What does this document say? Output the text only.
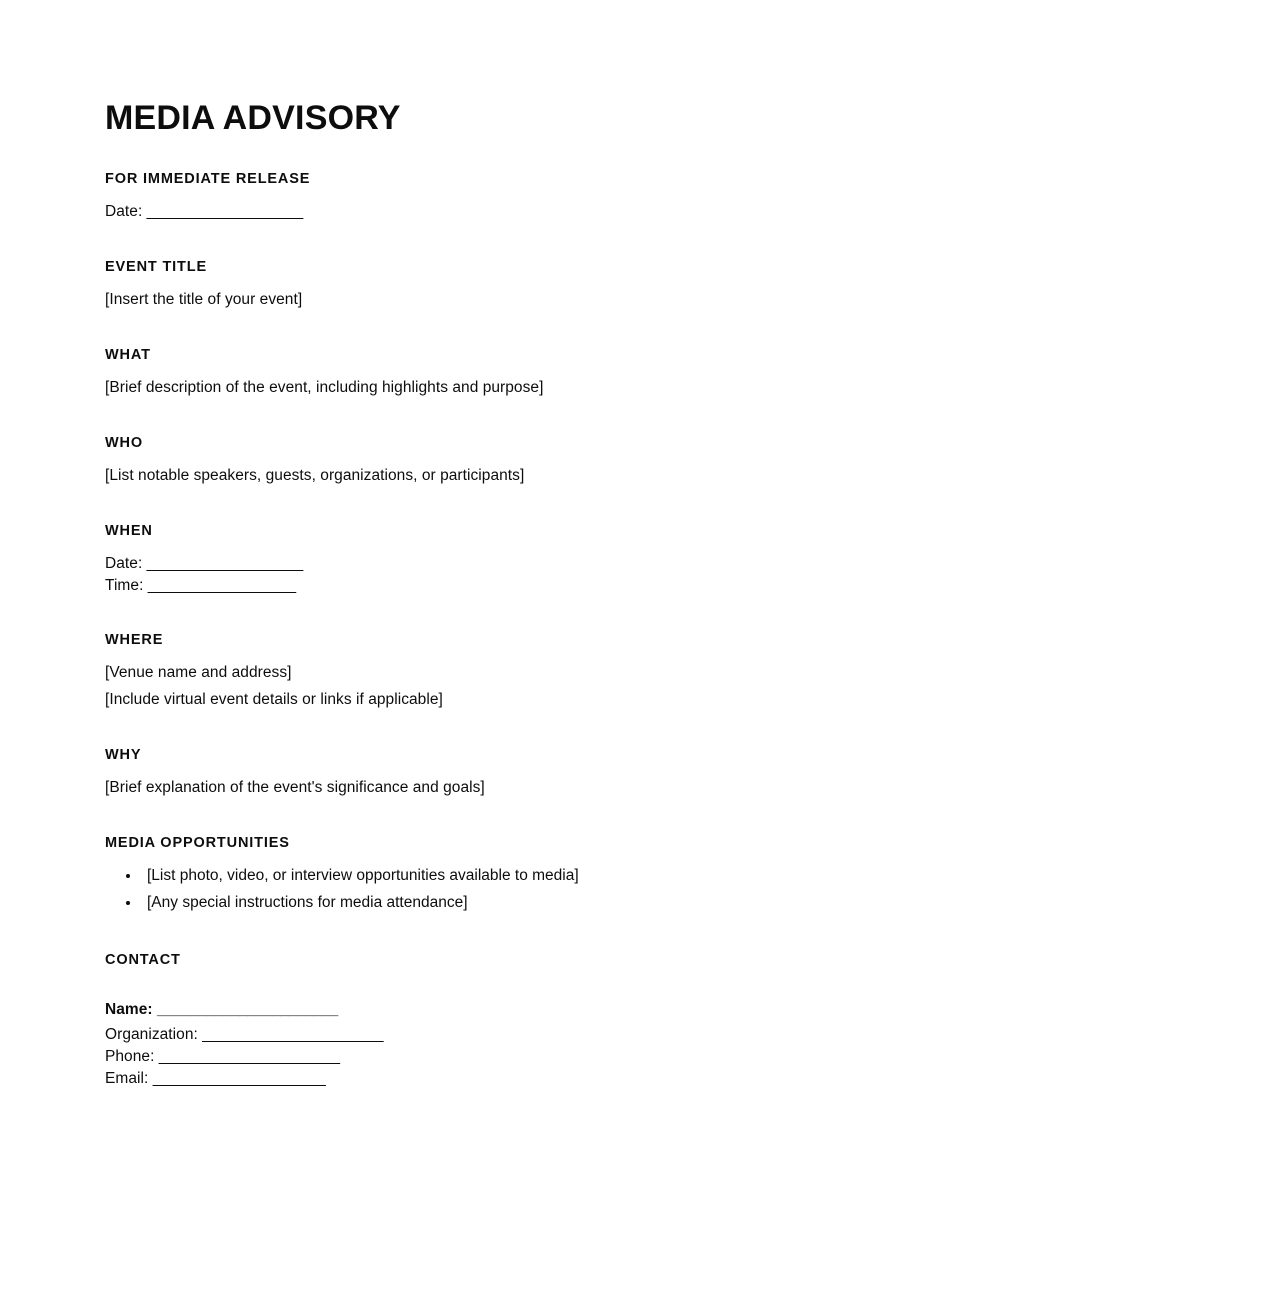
MEDIA ADVISORY
FOR IMMEDIATE RELEASE
Date: ___________________
EVENT TITLE
[Insert the title of your event]
WHAT
[Brief description of the event, including highlights and purpose]
WHO
[List notable speakers, guests, organizations, or participants]
WHEN
Date: ___________________
Time: __________________
WHERE
[Venue name and address]
[Include virtual event details or links if applicable]
WHY
[Brief explanation of the event's significance and goals]
MEDIA OPPORTUNITIES
• [List photo, video, or interview opportunities available to media]
• [Any special instructions for media attendance]
CONTACT
Name: ______________________
Organization: ______________________
Phone: ______________________
Email: _____________________
